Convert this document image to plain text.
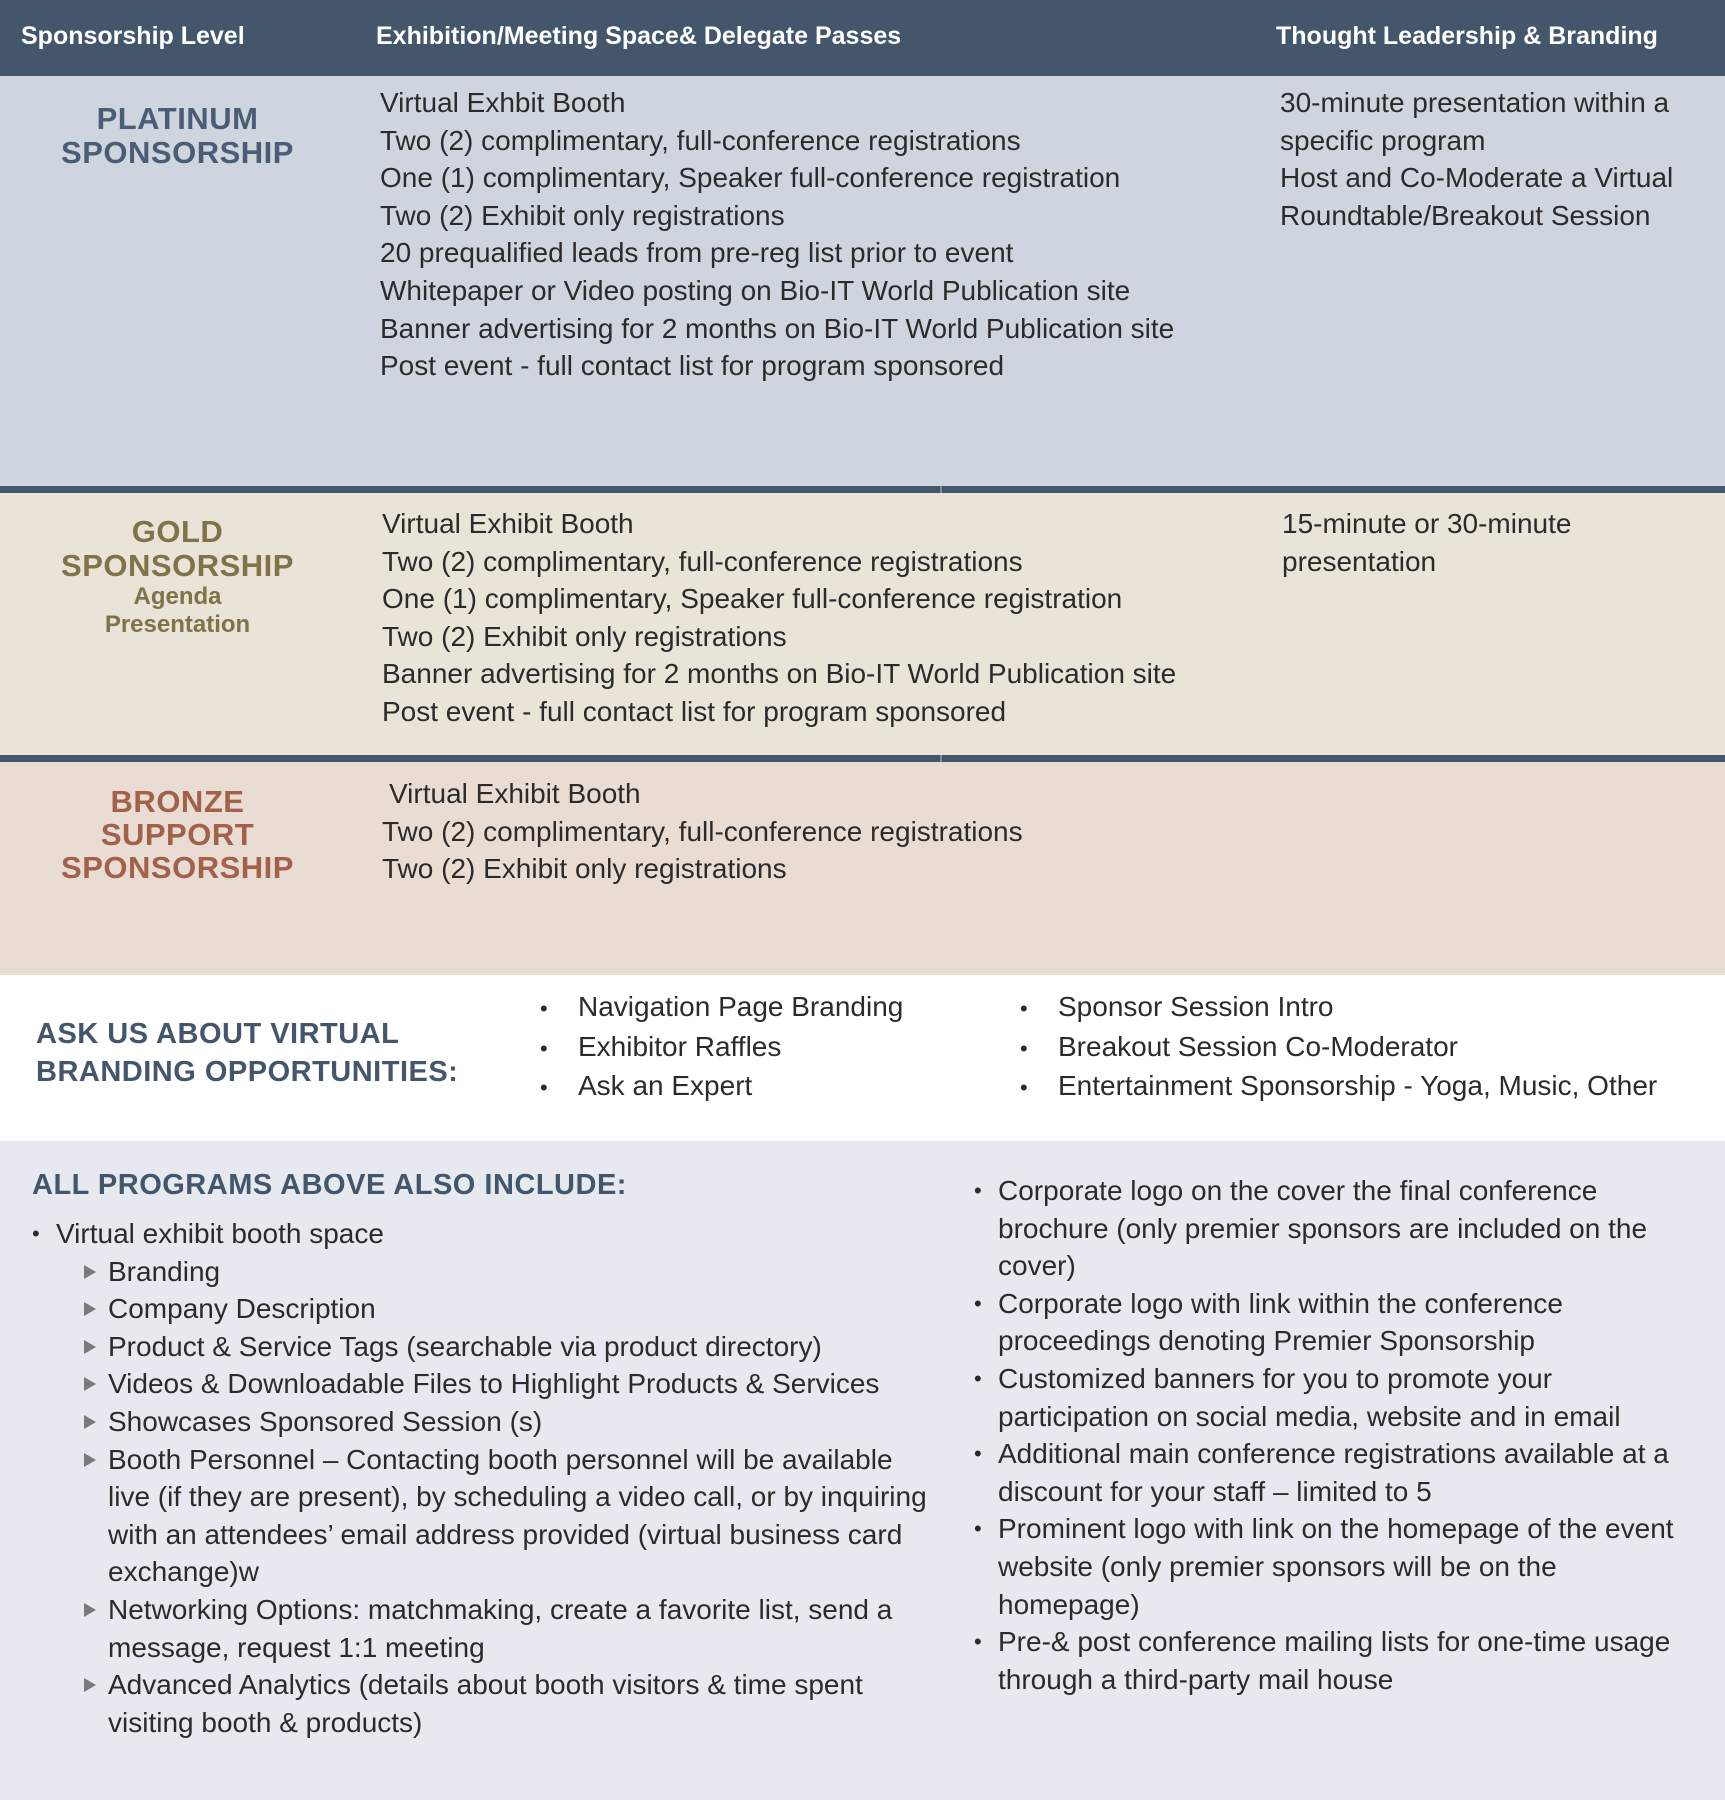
Sponsorship Level	Exhibition/Meeting Space& Delegate Passes	Thought Leadership & Branding
PLATINUM
SPONSORSHIP
Virtual Exhbit Booth
Two (2) complimentary, full-conference registrations
One (1) complimentary, Speaker full-conference registration
Two (2) Exhibit only registrations
20 prequalified leads from pre-reg list prior to event
Whitepaper or Video posting on Bio-IT World Publication site
Banner advertising for 2 months on Bio-IT World Publication site
Post event - full contact list for program sponsored
30-minute presentation within a
specific program
Host and Co-Moderate a Virtual
Roundtable/Breakout Session
GOLD
SPONSORSHIP
Agenda
Presentation
Virtual Exhibit Booth
Two (2) complimentary, full-conference registrations
One (1) complimentary, Speaker full-conference registration
Two (2) Exhibit only registrations
Banner advertising for 2 months on Bio-IT World Publication site
Post event - full contact list for program sponsored
15-minute or 30-minute
presentation
BRONZE
SUPPORT
SPONSORSHIP
Virtual Exhibit Booth
Two (2) complimentary, full-conference registrations
Two (2) Exhibit only registrations
ASK US ABOUT VIRTUAL
BRANDING OPPORTUNITIES:
• Navigation Page Branding
• Exhibitor Raffles
• Ask an Expert
• Sponsor Session Intro
• Breakout Session Co-Moderator
• Entertainment Sponsorship - Yoga, Music, Other
ALL PROGRAMS ABOVE ALSO INCLUDE:
• Virtual exhibit booth space
Branding
Company Description
Product & Service Tags (searchable via product directory)
Videos & Downloadable Files to Highlight Products & Services
Showcases Sponsored Session (s)
Booth Personnel – Contacting booth personnel will be available live (if they are present), by scheduling a video call, or by inquiring with an attendees’ email address provided (virtual business card exchange)w
Networking Options: matchmaking, create a favorite list, send a message, request 1:1 meeting
Advanced Analytics (details about booth visitors & time spent visiting booth & products)
• Corporate logo on the cover the final conference brochure (only premier sponsors are included on the cover)
• Corporate logo with link within the conference proceedings denoting Premier Sponsorship
• Customized banners for you to promote your participation on social media, website and in email
• Additional main conference registrations available at a discount for your staff – limited to 5
• Prominent logo with link on the homepage of the event website (only premier sponsors will be on the homepage)
• Pre-& post conference mailing lists for one-time usage through a third-party mail house
